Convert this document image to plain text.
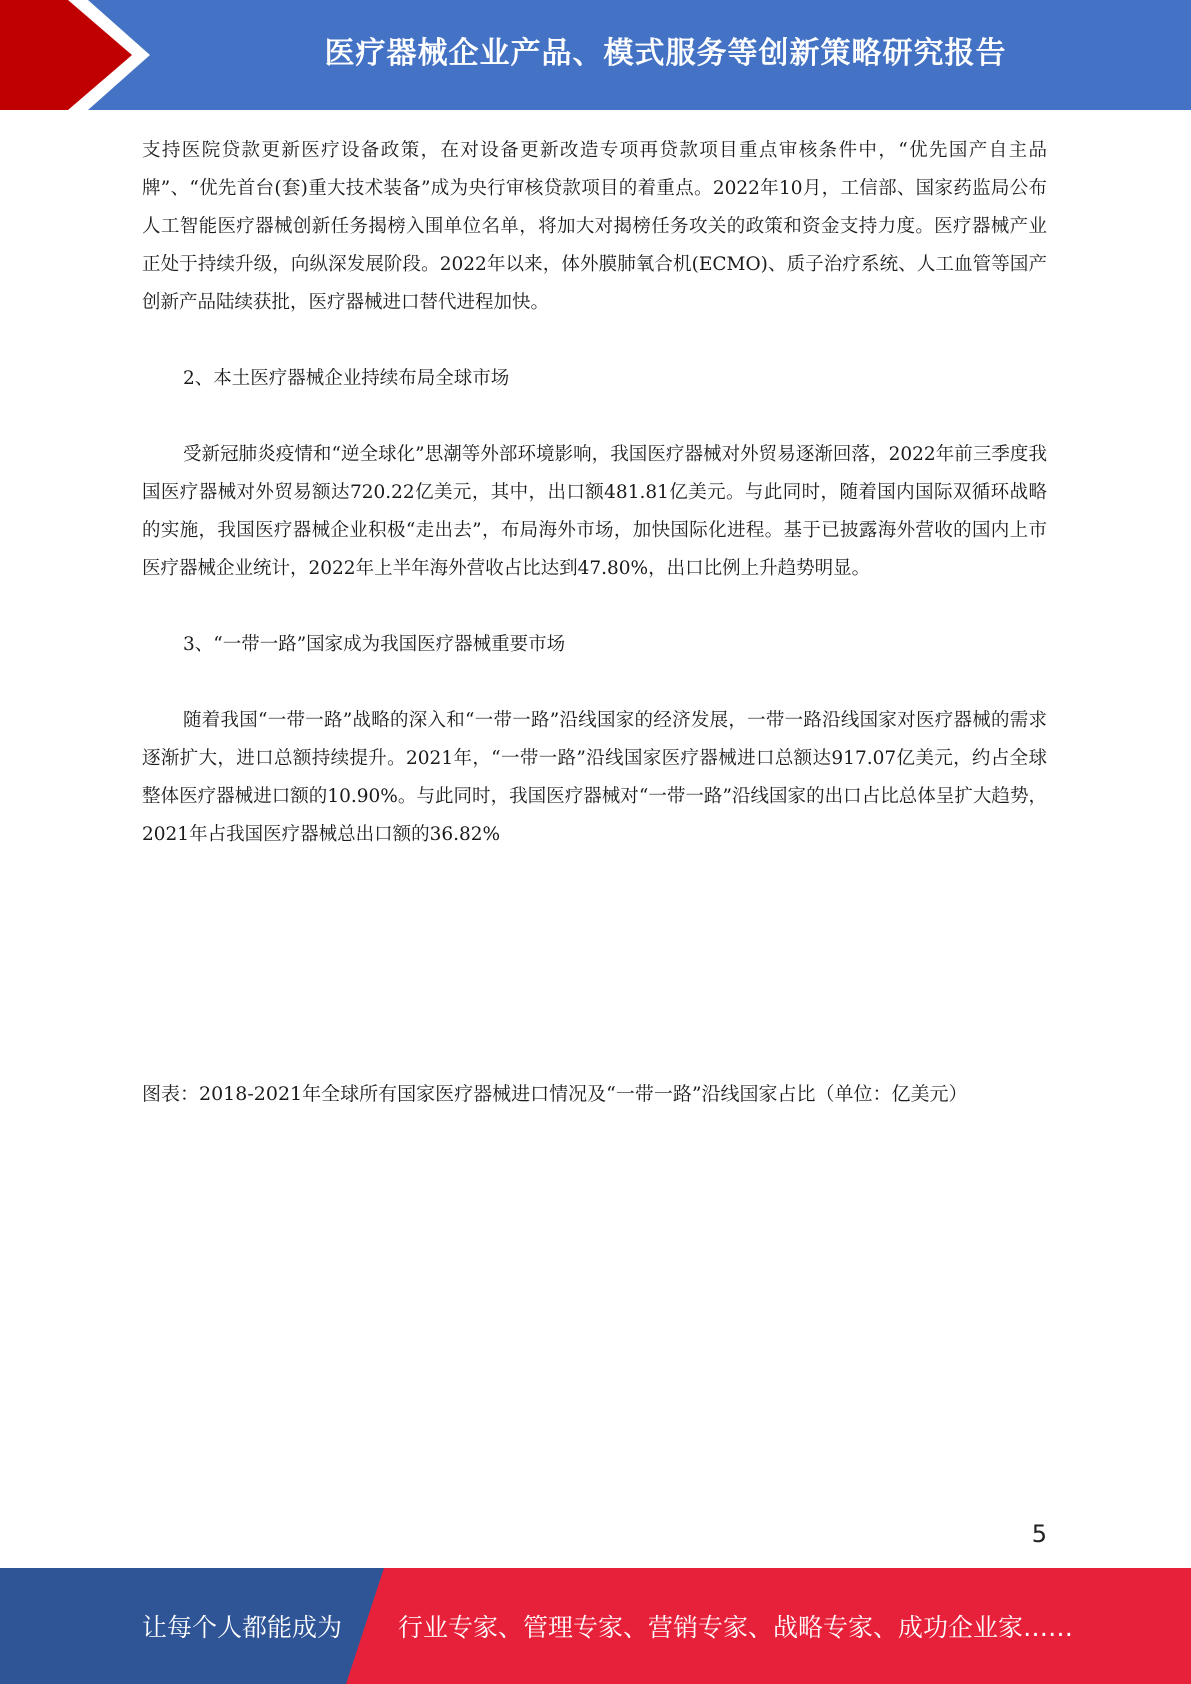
医疗器械企业产品、模式服务等创新策略研究报告

支持医院贷款更新医疗设备政策，在对设备更新改造专项再贷款项目重点审核条件中，“优先国产自主品牌”、“优先首台(套)重大技术装备”成为央行审核贷款项目的着重点。2022年10月，工信部、国家药监局公布人工智能医疗器械创新任务揭榜入围单位名单，将加大对揭榜任务攻关的政策和资金支持力度。医疗器械产业正处于持续升级，向纵深发展阶段。2022年以来，体外膜肺氧合机(ECMO)、质子治疗系统、人工血管等国产创新产品陆续获批，医疗器械进口替代进程加快。

2、本土医疗器械企业持续布局全球市场

受新冠肺炎疫情和“逆全球化”思潮等外部环境影响，我国医疗器械对外贸易逐渐回落，2022年前三季度我国医疗器械对外贸易额达720.22亿美元，其中，出口额481.81亿美元。与此同时，随着国内国际双循环战略的实施，我国医疗器械企业积极“走出去”，布局海外市场，加快国际化进程。基于已披露海外营收的国内上市医疗器械企业统计，2022年上半年海外营收占比达到47.80%，出口比例上升趋势明显。

3、“一带一路”国家成为我国医疗器械重要市场

随着我国“一带一路”战略的深入和“一带一路”沿线国家的经济发展，一带一路沿线国家对医疗器械的需求逐渐扩大，进口总额持续提升。2021年，“一带一路”沿线国家医疗器械进口总额达917.07亿美元，约占全球整体医疗器械进口额的10.90%。与此同时，我国医疗器械对“一带一路”沿线国家的出口占比总体呈扩大趋势，2021年占我国医疗器械总出口额的36.82%

图表：2018-2021年全球所有国家医疗器械进口情况及“一带一路”沿线国家占比（单位：亿美元）

5
让每个人都能成为 行业专家、管理专家、营销专家、战略专家、成功企业家……
